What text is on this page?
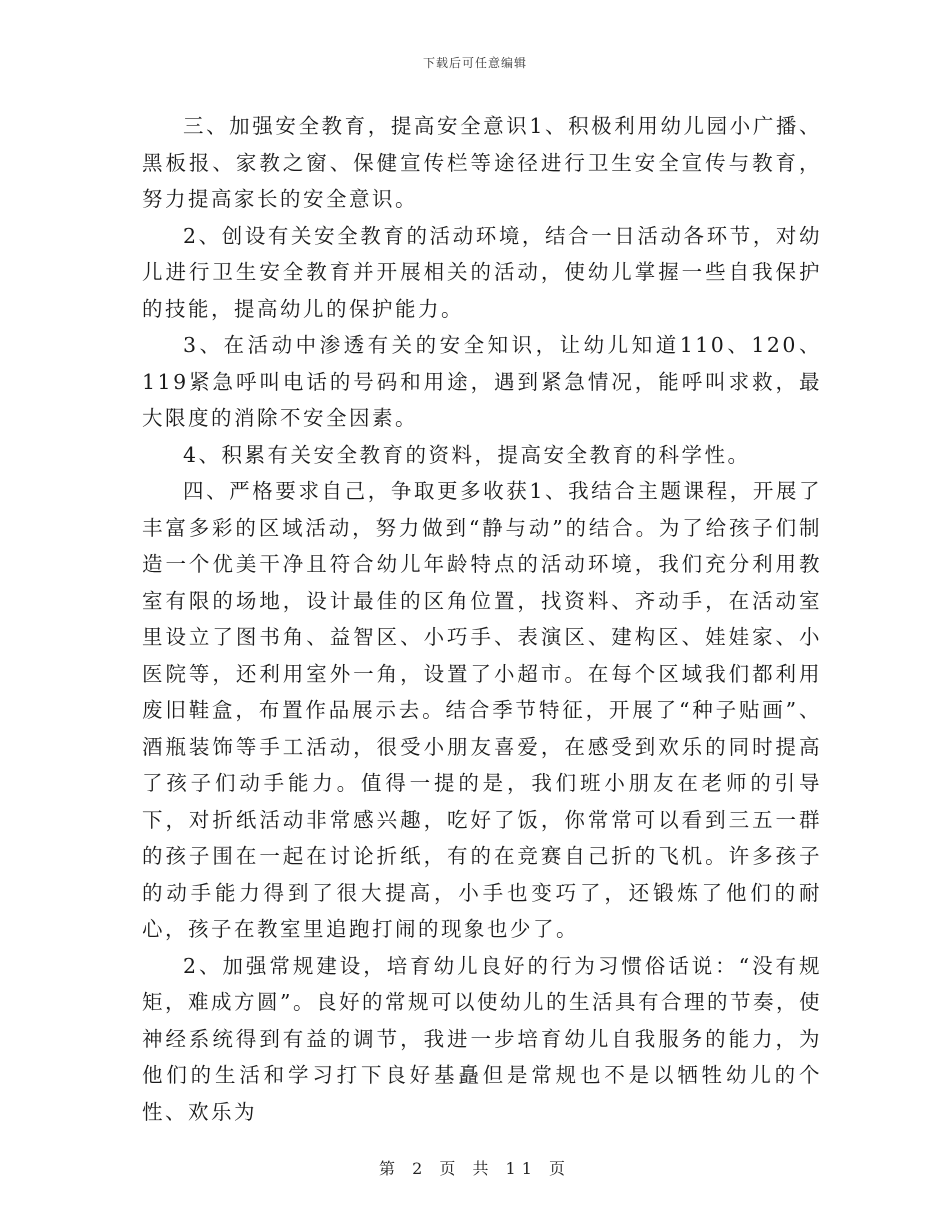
下载后可任意编辑

三、加强安全教育，提高安全意识1、积极利用幼儿园小广播、黑板报、家教之窗、保健宣传栏等途径进行卫生安全宣传与教育，努力提高家长的安全意识。

2、创设有关安全教育的活动环境，结合一日活动各环节，对幼儿进行卫生安全教育并开展相关的活动，使幼儿掌握一些自我保护的技能，提高幼儿的保护能力。

3、在活动中渗透有关的安全知识，让幼儿知道110、120、119紧急呼叫电话的号码和用途，遇到紧急情况，能呼叫求救，最大限度的消除不安全因素。

4、积累有关安全教育的资料，提高安全教育的科学性。

四、严格要求自己，争取更多收获1、我结合主题课程，开展了丰富多彩的区域活动，努力做到“静与动”的结合。为了给孩子们制造一个优美干净且符合幼儿年龄特点的活动环境，我们充分利用教室有限的场地，设计最佳的区角位置，找资料、齐动手，在活动室里设立了图书角、益智区、小巧手、表演区、建构区、娃娃家、小医院等，还利用室外一角，设置了小超市。在每个区域我们都利用废旧鞋盒，布置作品展示去。结合季节特征，开展了“种子贴画”、酒瓶装饰等手工活动，很受小朋友喜爱，在感受到欢乐的同时提高了孩子们动手能力。值得一提的是，我们班小朋友在老师的引导下，对折纸活动非常感兴趣，吃好了饭，你常常可以看到三五一群的孩子围在一起在讨论折纸，有的在竞赛自己折的飞机。许多孩子的动手能力得到了很大提高，小手也变巧了，还锻炼了他们的耐心，孩子在教室里追跑打闹的现象也少了。

2、加强常规建设，培育幼儿良好的行为习惯俗话说：“没有规矩，难成方圆”。良好的常规可以使幼儿的生活具有合理的节奏，使神经系统得到有益的调节，我进一步培育幼儿自我服务的能力，为他们的生活和学习打下良好基矗但是常规也不是以牺牲幼儿的个性、欢乐为

第 2 页 共 11 页
